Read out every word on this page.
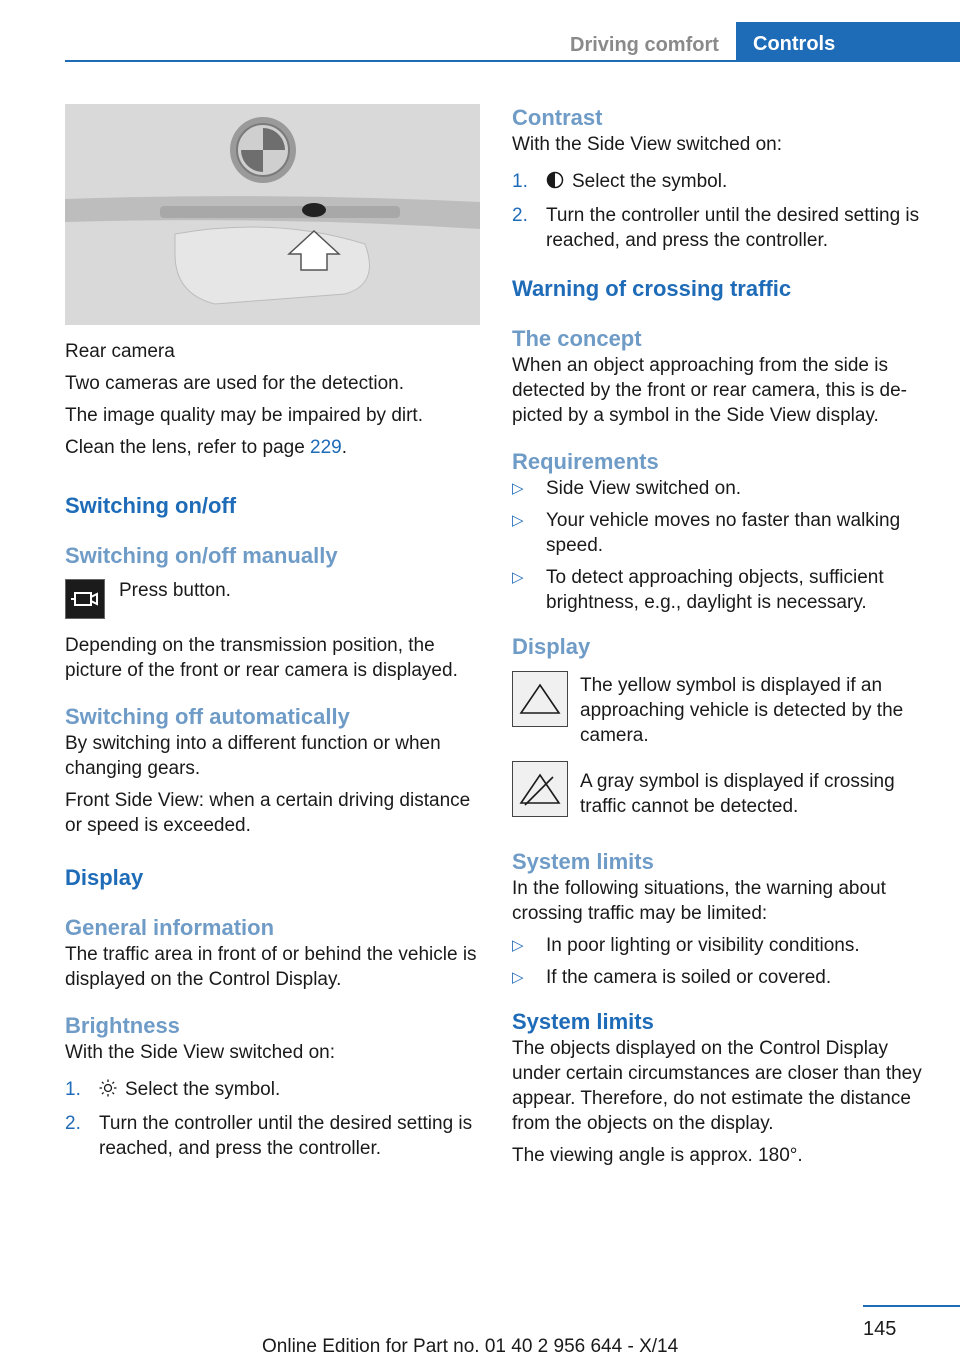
Driving comfort	Controls

Rear camera

Two cameras are used for the detection.

The image quality may be impaired by dirt.

Clean the lens, refer to page 229.

Switching on/off
Switching on/off manually

Press button.

Depending on the transmission position, the picture of the front or rear camera is displayed.

Switching off automatically

By switching into a different function or when changing gears.

Front Side View: when a certain driving distance or speed is exceeded.

Display
General information

The traffic area in front of or behind the vehicle is displayed on the Control Display.

Brightness

With the Side View switched on:

1. Select the symbol.
2. Turn the controller until the desired setting is reached, and press the controller.
Contrast

With the Side View switched on:

1. Select the symbol.
2. Turn the controller until the desired setting is reached, and press the controller.
Warning of crossing traffic
The concept

When an object approaching from the side is detected by the front or rear camera, this is depicted by a symbol in the Side View display.

Requirements
▷ Side View switched on.
▷ Your vehicle moves no faster than walking speed.
▷ To detect approaching objects, sufficient brightness, e.g., daylight is necessary.
Display

The yellow symbol is displayed if an approaching vehicle is detected by the camera.

A gray symbol is displayed if crossing traffic cannot be detected.

System limits

In the following situations, the warning about crossing traffic may be limited:

▷ In poor lighting or visibility conditions.
▷ If the camera is soiled or covered.
System limits

The objects displayed on the Control Display under certain circumstances are closer than they appear. Therefore, do not estimate the distance from the objects on the display.

The viewing angle is approx. 180°.

145
Online Edition for Part no. 01 40 2 956 644 - X/14
